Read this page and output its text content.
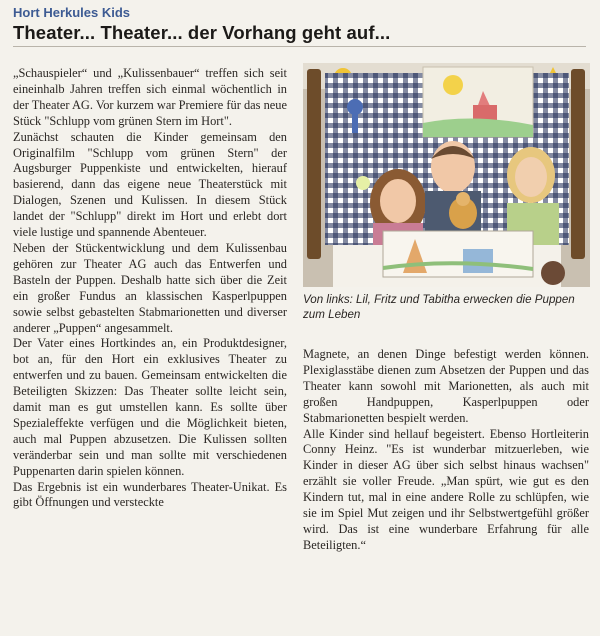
Hort Herkules Kids
Theater... Theater... der Vorhang geht auf...

„Schauspieler“ und „Kulissenbauer“ treffen sich seit eineinhalb Jahren treffen sich einmal wöchentlich in der Theater AG. Vor kurzem war Premiere für das neue Stück "Schlupp vom grünen Stern im Hort".

Zunächst schauten die Kinder gemeinsam den Originalfilm "Schlupp vom grünen Stern" der Augsburger Puppenkiste und entwickelten, hierauf basierend, dann das eigene neue Theaterstück mit Dialogen, Szenen und Kulissen. In diesem Stück landet der "Schlupp" direkt im Hort und erlebt dort viele lustige und spannende Abenteuer.

Neben der Stückentwicklung und dem Kulissenbau gehören zur Theater AG auch das Entwerfen und Basteln der Puppen. Deshalb hatte sich über die Zeit ein großer Fundus an klassischen Kasperlpuppen sowie selbst gebastelten Stabmarionetten und diverser anderer „Puppen“ angesammelt.

Der Vater eines Hortkindes an, ein Produktdesigner, bot an, für den Hort ein exklusives Theater zu entwerfen und zu bauen. Gemeinsam entwickelten die Beteiligten Skizzen: Das Theater sollte leicht sein, damit man es gut umstellen kann. Es sollte über Spezialeffekte verfügen und die Möglichkeit bieten, auch mal Puppen abzusetzen. Die Kulissen sollten veränderbar sein und man sollte mit verschiedenen Puppenarten darin spielen können.

Das Ergebnis ist ein wunderbares Theater-Unikat. Es gibt Öffnungen und versteckte

Von links: Lil, Fritz und Tabitha erwecken die Puppen zum Leben

Magnete, an denen Dinge befestigt werden können. Plexiglasstäbe dienen zum Absetzen der Puppen und das Theater kann sowohl mit Marionetten, als auch mit großen Handpuppen, Kasperlpuppen oder Stabmarionetten bespielt werden.

Alle Kinder sind hellauf begeistert. Ebenso Hortleiterin Conny Heinz. "Es ist wunderbar mitzuerleben, wie Kinder in dieser AG über sich selbst hinaus wachsen" erzählt sie voller Freude. „Man spürt, wie gut es den Kindern tut, mal in eine andere Rolle zu schlüpfen, wie sie im Spiel Mut zeigen und ihr Selbstwertgefühl größer wird. Das ist eine wunderbare Erfahrung für alle Beteiligten.“
